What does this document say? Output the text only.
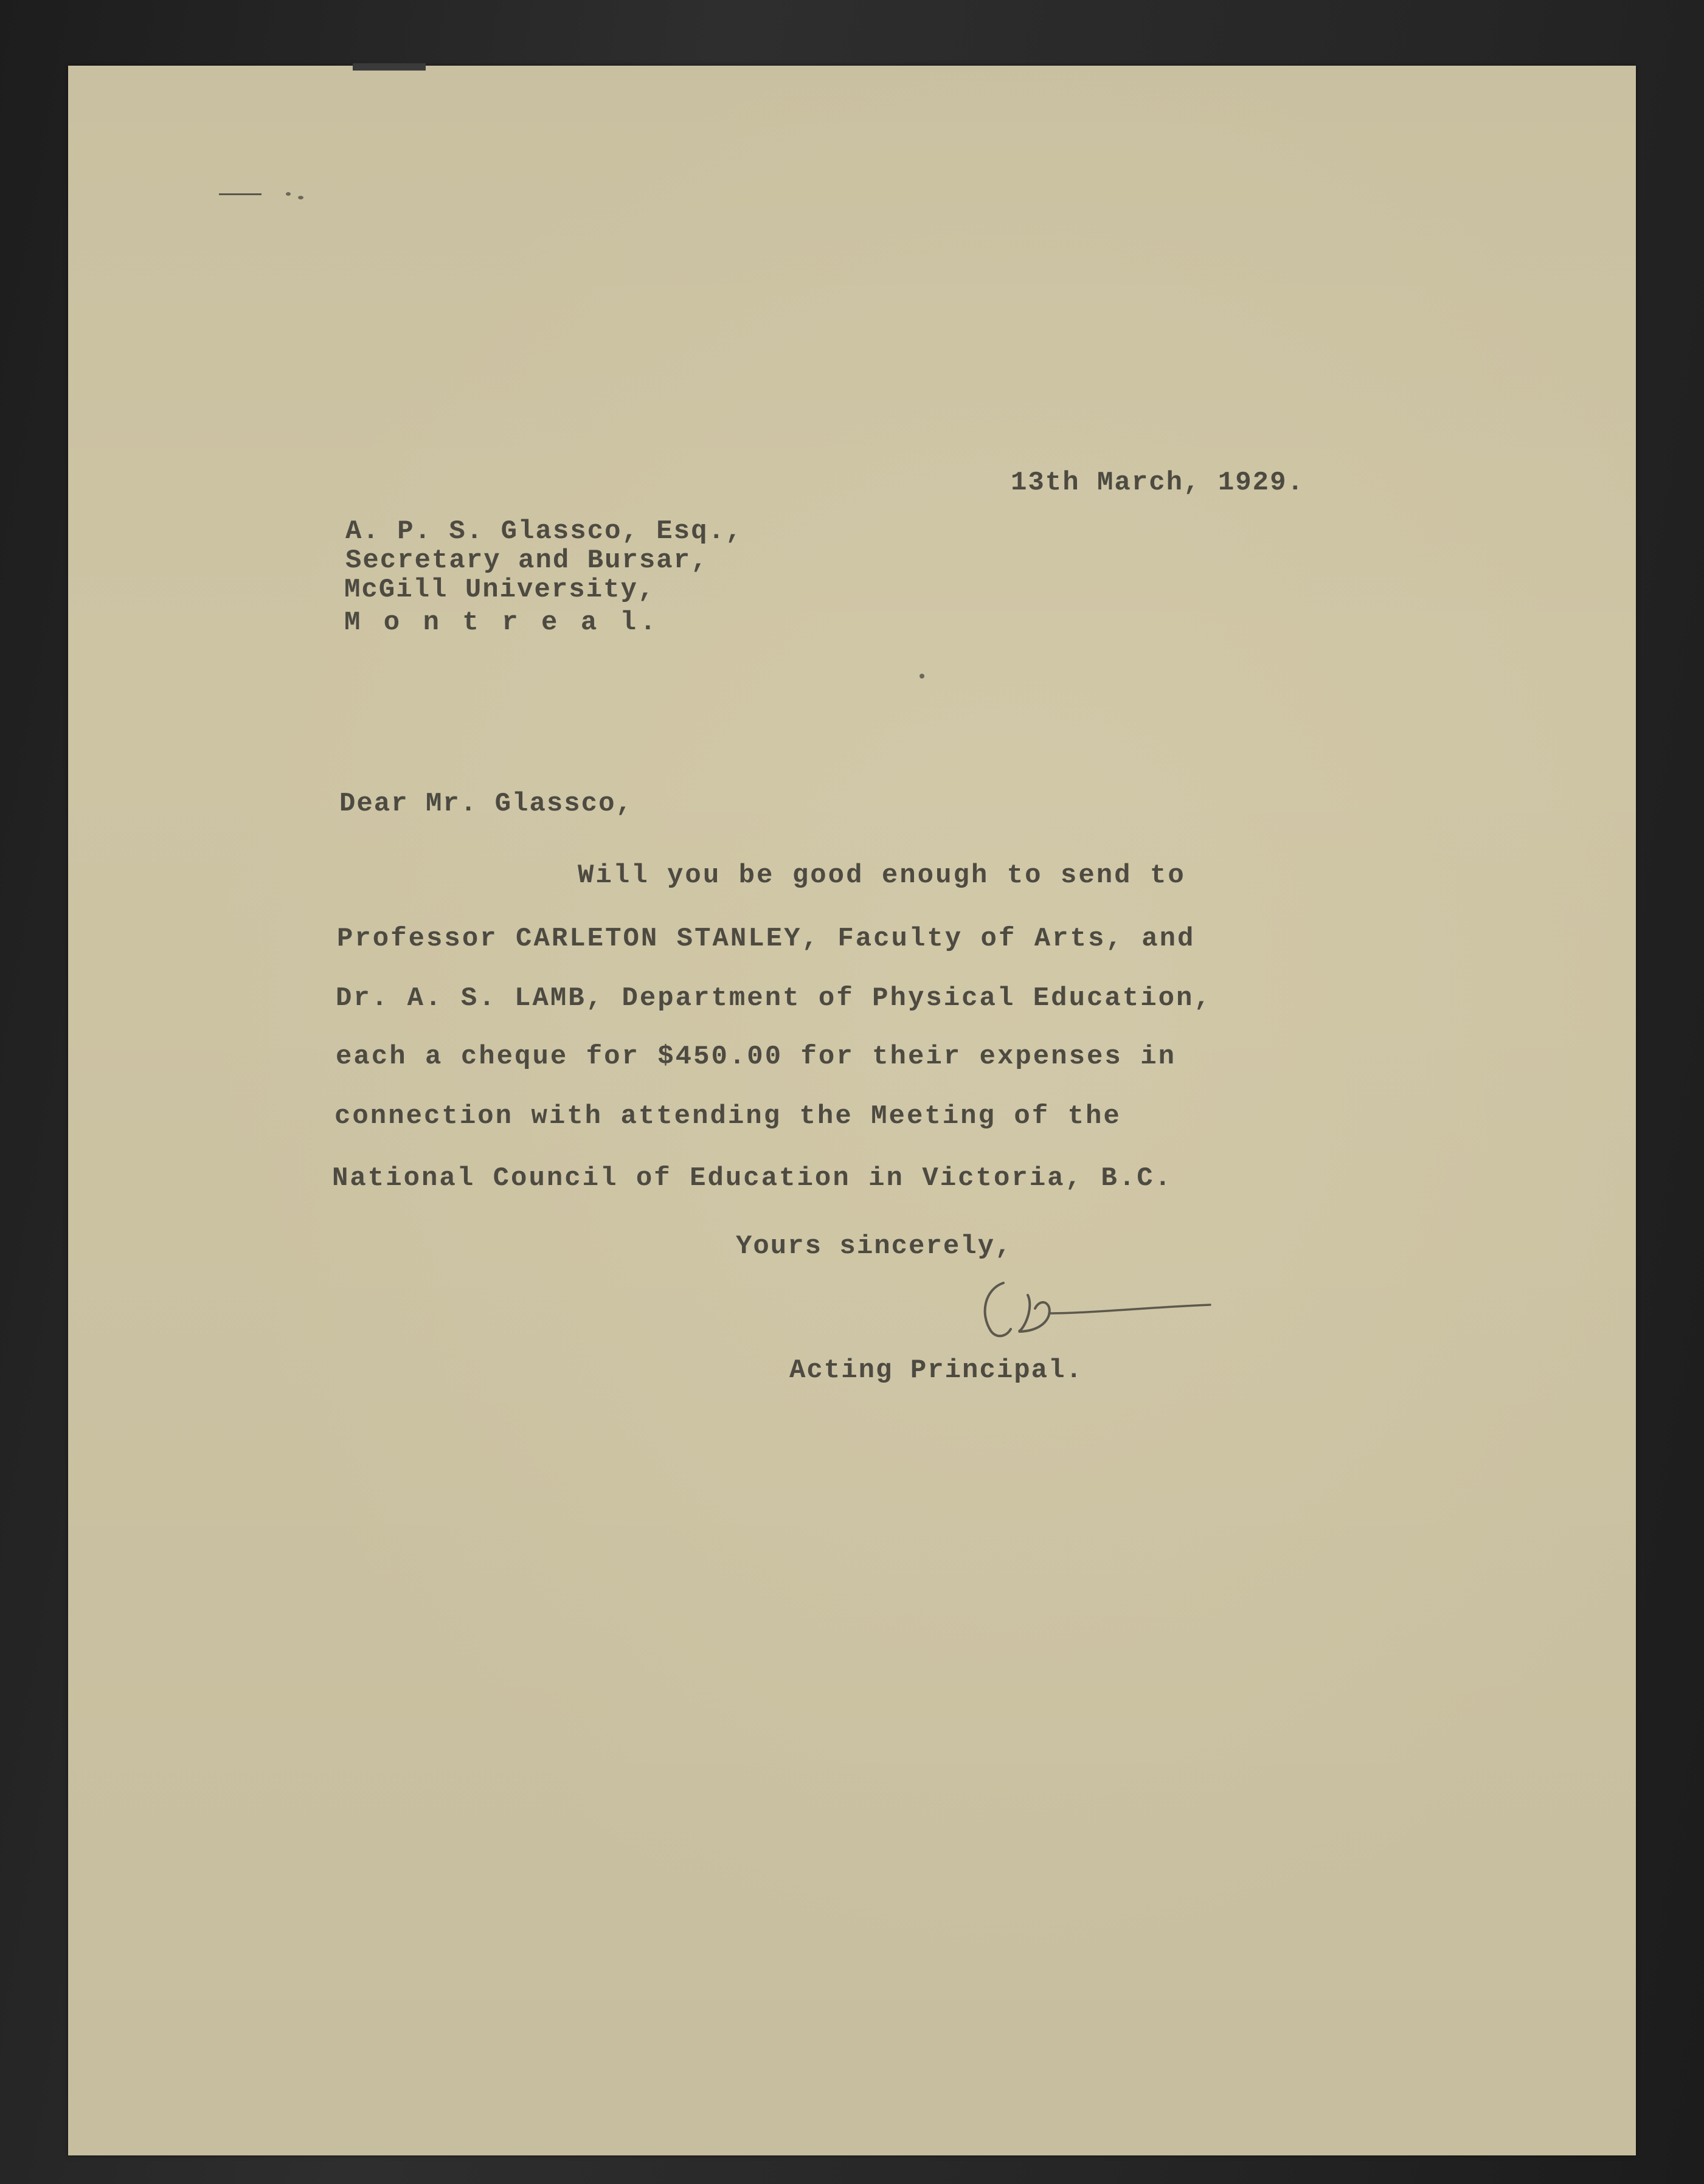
13th March, 1929.

A. P. S. Glassco, Esq.,

Secretary and Bursar,

McGill University,

M o n t r e a l.

Dear Mr. Glassco,

Will you be good enough to send to

Professor CARLETON STANLEY, Faculty of Arts, and

Dr. A. S. LAMB, Department of Physical Education,

each a cheque for $450.00 for their expenses in

connection with attending the Meeting of the

National Council of Education in Victoria, B.C.

Yours sincerely,

Acting Principal.
